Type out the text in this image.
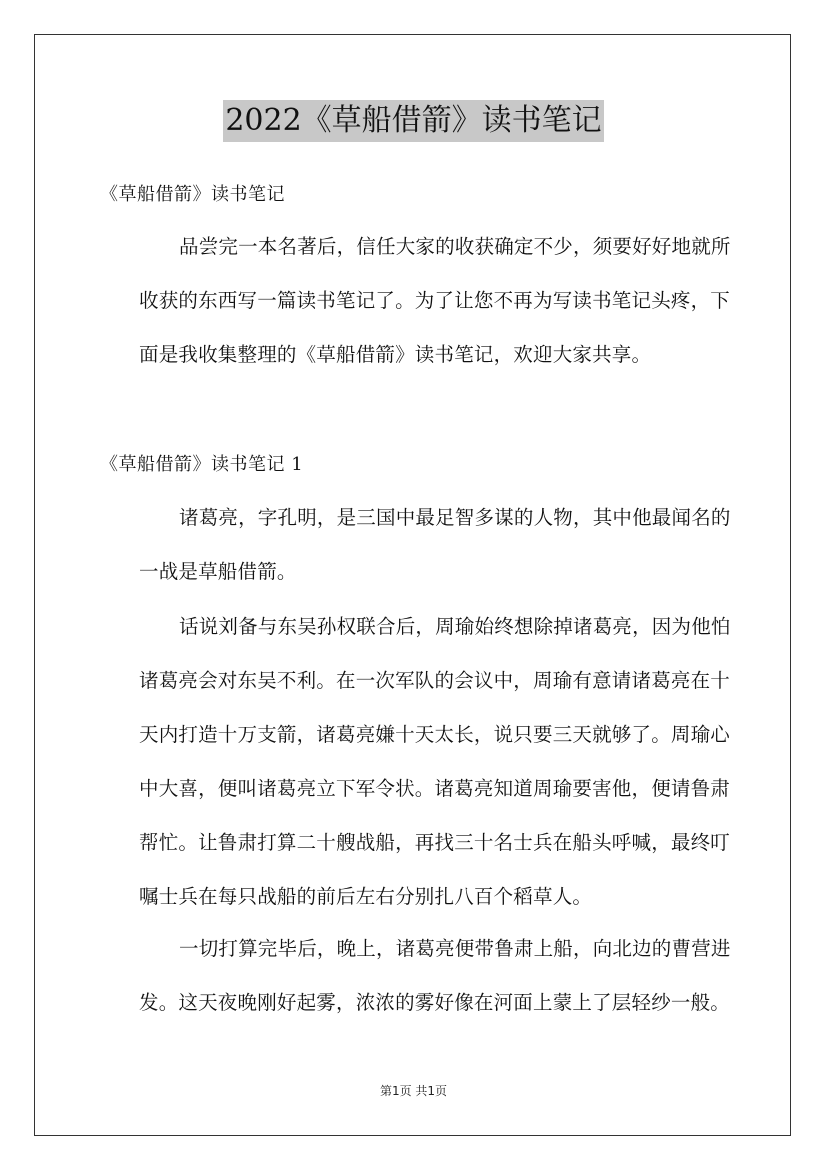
2022《草船借箭》读书笔记

《草船借箭》读书笔记

品尝完一本名著后，信任大家的收获确定不少，须要好好地就所
收获的东西写一篇读书笔记了。为了让您不再为写读书笔记头疼，下
面是我收集整理的《草船借箭》读书笔记，欢迎大家共享。

《草船借箭》读书笔记 1

诸葛亮，字孔明，是三国中最足智多谋的人物，其中他最闻名的
一战是草船借箭。
话说刘备与东吴孙权联合后，周瑜始终想除掉诸葛亮，因为他怕
诸葛亮会对东吴不利。在一次军队的会议中，周瑜有意请诸葛亮在十
天内打造十万支箭，诸葛亮嫌十天太长，说只要三天就够了。周瑜心
中大喜，便叫诸葛亮立下军令状。诸葛亮知道周瑜要害他，便请鲁肃
帮忙。让鲁肃打算二十艘战船，再找三十名士兵在船头呼喊，最终叮
嘱士兵在每只战船的前后左右分别扎八百个稻草人。
一切打算完毕后，晚上，诸葛亮便带鲁肃上船，向北边的曹营进
发。这天夜晚刚好起雾，浓浓的雾好像在河面上蒙上了层轻纱一般。
第1页 共1页
